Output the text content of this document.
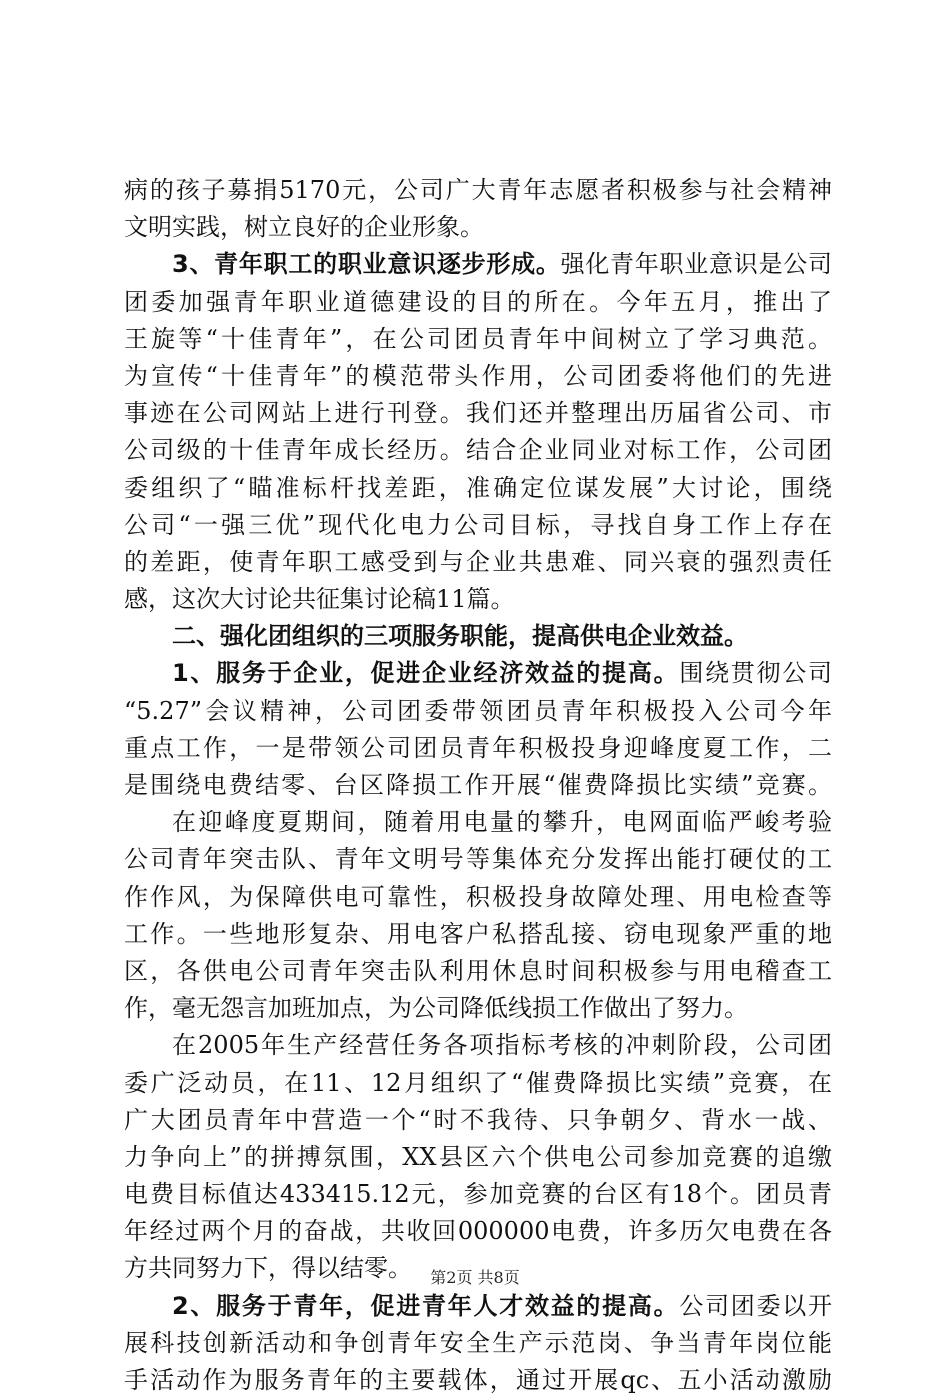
病的孩子募捐5170元，公司广大青年志愿者积极参与社会精神
文明实践，树立良好的企业形象。
3、青年职工的职业意识逐步形成。强化青年职业意识是公司
团委加强青年职业道德建设的目的所在。今年五月，推出了
王旋等“十佳青年”，在公司团员青年中间树立了学习典范。
为宣传“十佳青年”的模范带头作用，公司团委将他们的先进
事迹在公司网站上进行刊登。我们还并整理出历届省公司、市
公司级的十佳青年成长经历。结合企业同业对标工作，公司团
委组织了“瞄准标杆找差距，准确定位谋发展”大讨论，围绕
公司“一强三优”现代化电力公司目标，寻找自身工作上存在
的差距，使青年职工感受到与企业共患难、同兴衰的强烈责任
感，这次大讨论共征集讨论稿11篇。
二、强化团组织的三项服务职能，提高供电企业效益。
1、服务于企业，促进企业经济效益的提高。围绕贯彻公司
“5.27”会议精神，公司团委带领团员青年积极投入公司今年
重点工作，一是带领公司团员青年积极投身迎峰度夏工作，二
是围绕电费结零、台区降损工作开展“催费降损比实绩”竞赛。
在迎峰度夏期间，随着用电量的攀升，电网面临严峻考验
公司青年突击队、青年文明号等集体充分发挥出能打硬仗的工
作作风，为保障供电可靠性，积极投身故障处理、用电检查等
工作。一些地形复杂、用电客户私搭乱接、窃电现象严重的地
区，各供电公司青年突击队利用休息时间积极参与用电稽查工
作，毫无怨言加班加点，为公司降低线损工作做出了努力。
在2005年生产经营任务各项指标考核的冲刺阶段，公司团
委广泛动员，在11、12月组织了“催费降损比实绩”竞赛，在
广大团员青年中营造一个“时不我待、只争朝夕、背水一战、
力争向上”的拼搏氛围，XX县区六个供电公司参加竞赛的追缴
电费目标值达433415.12元，参加竞赛的台区有18个。团员青
年经过两个月的奋战，共收回000000电费，许多历欠电费在各
方共同努力下，得以结零。
2、服务于青年，促进青年人才效益的提高。公司团委以开
展科技创新活动和争创青年安全生产示范岗、争当青年岗位能
手活动作为服务青年的主要载体，通过开展qc、五小活动激励
第2页 共8页
